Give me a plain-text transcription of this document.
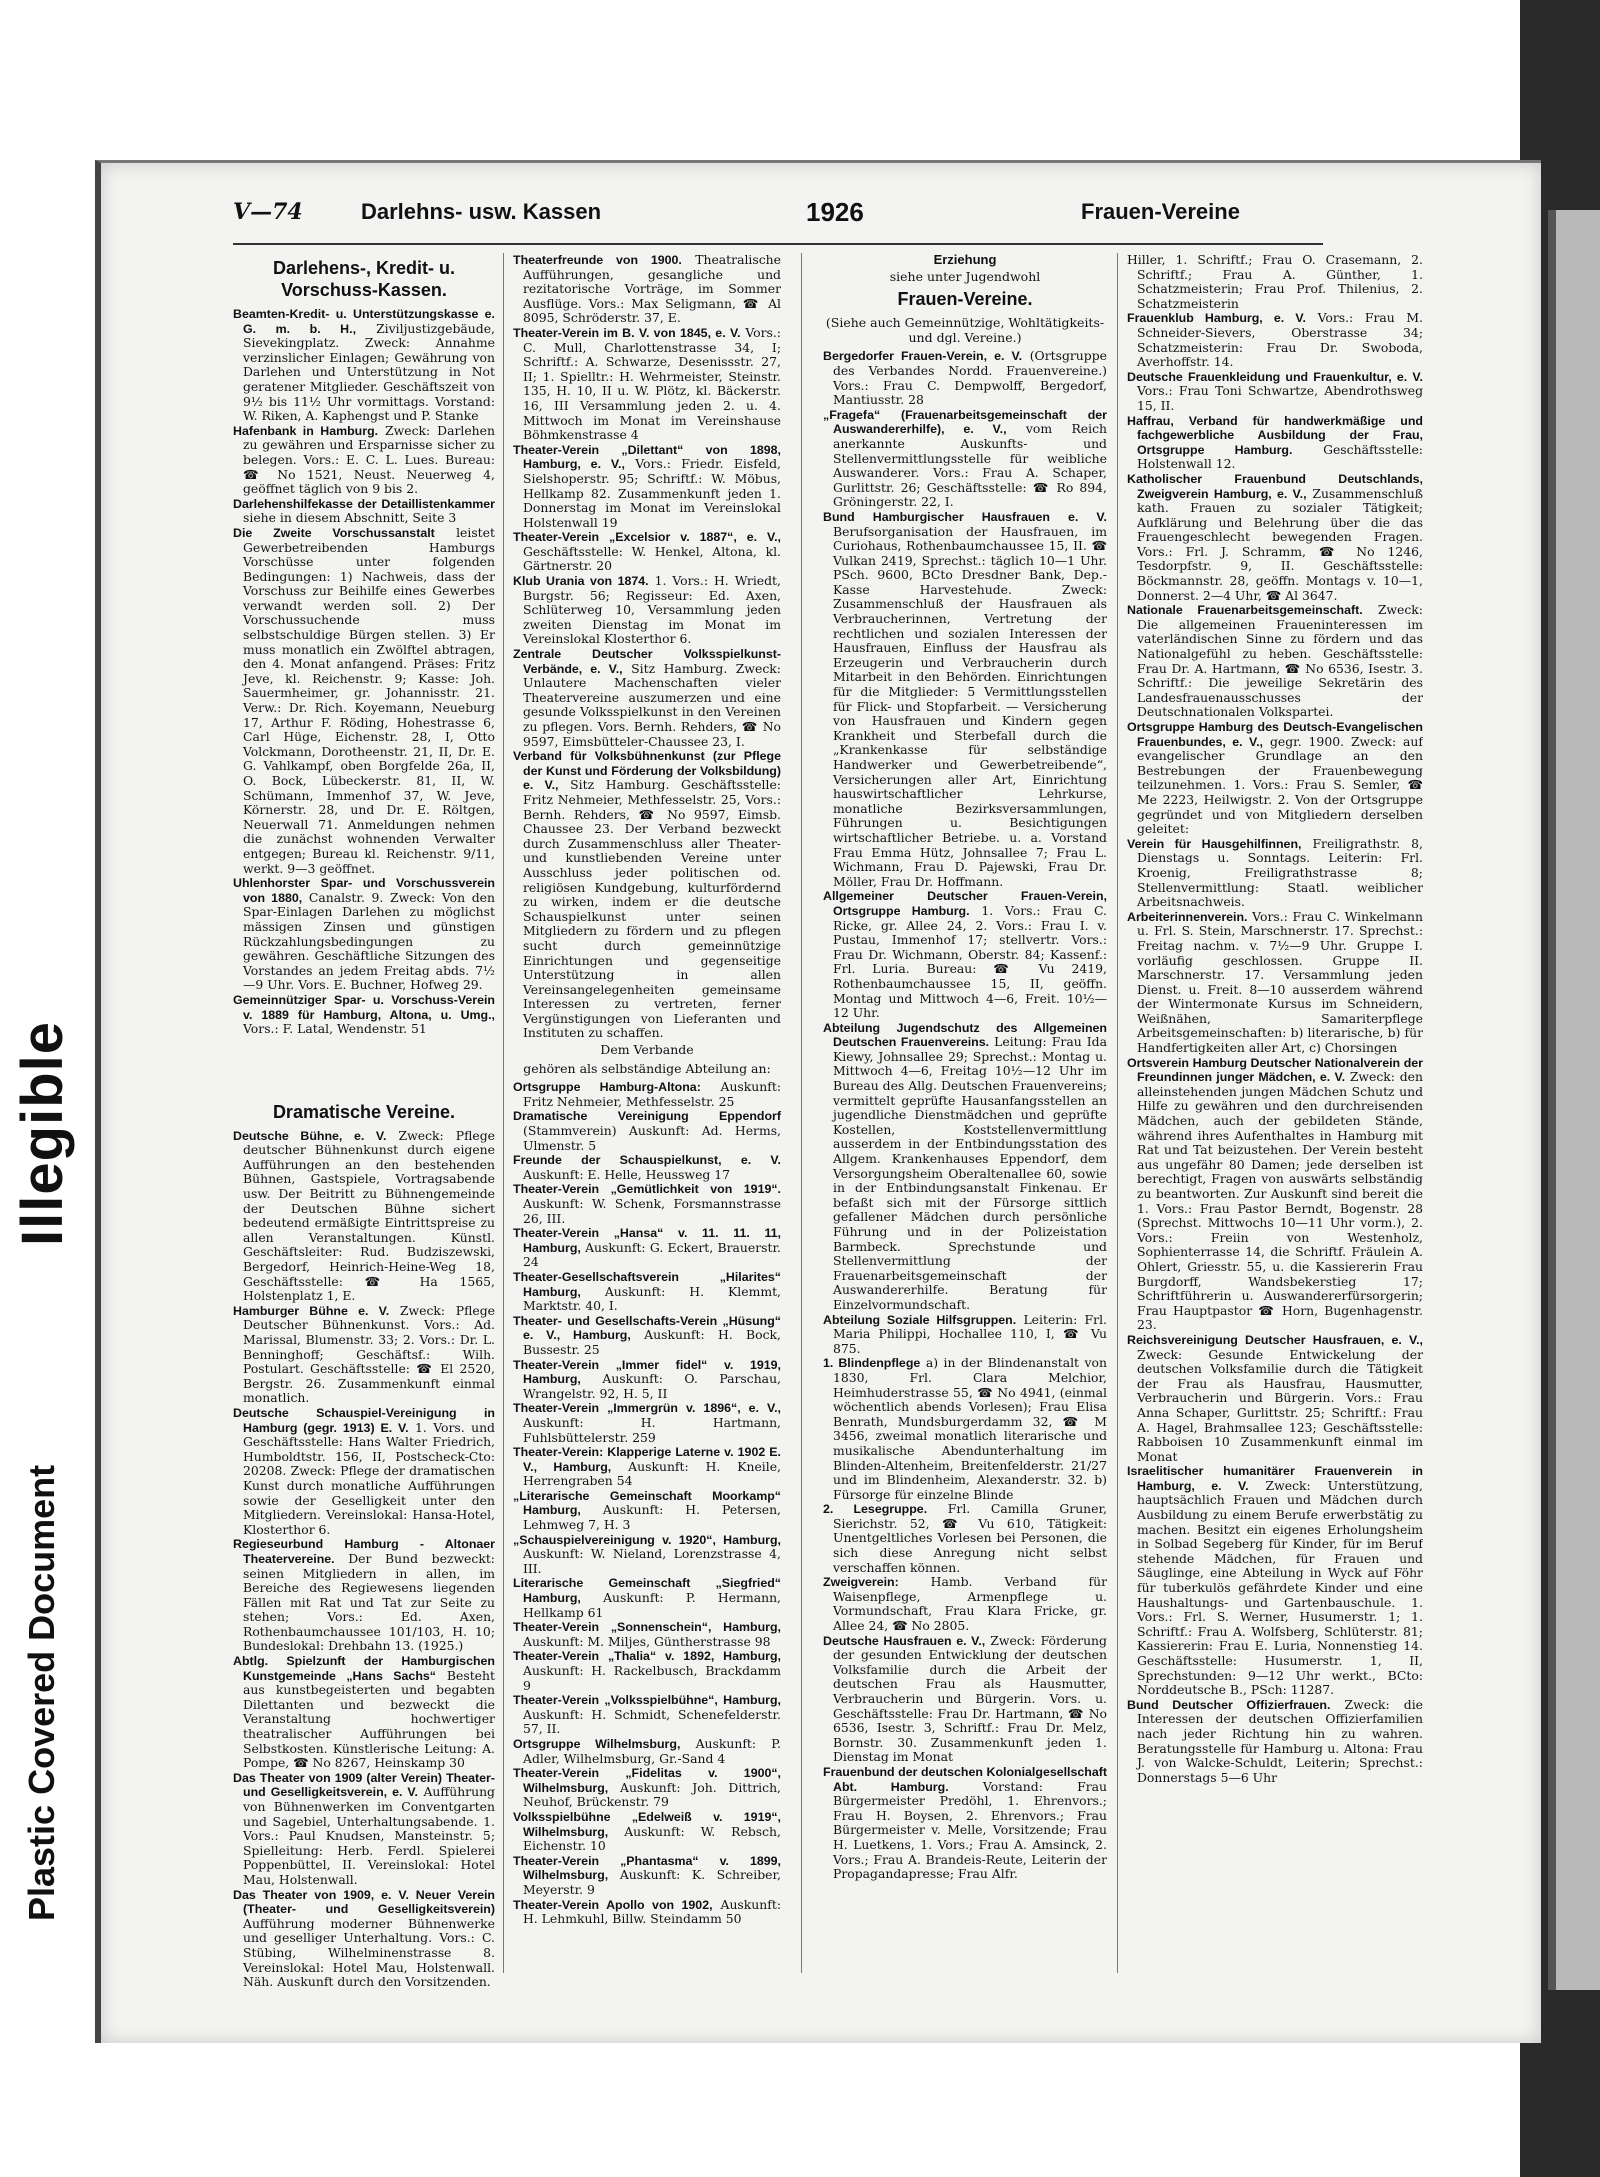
Plastic Covered Document
Illegible
V—74	Darlehns- usw. Kassen	1926	Frauen-Vereine
Darlehens-, Kredit- u. Vorschuss-Kassen.
Beamten-Kredit- u. Unterstützungskasse e. G. m. b. H., Ziviljustizgebäude, Sievekingplatz. Zweck: Annahme verzinslicher Einlagen; Gewährung von Darlehen und Unterstützung in Not geratener Mitglieder. Geschäftszeit von 9½ bis 11½ Uhr vormittags. Vorstand: W. Riken, A. Kaphengst und P. Stanke
Hafenbank in Hamburg. Zweck: Darlehen zu gewähren und Ersparnisse sicher zu belegen. Vors.: E. C. L. Lues. Bureau: ☎ No 1521, Neust. Neuerweg 4, geöffnet täglich von 9 bis 2.
Darlehenshilfekasse der Detaillistenkammer siehe in diesem Abschnitt, Seite 3
Die Zweite Vorschussanstalt leistet Gewerbetreibenden Hamburgs Vorschüsse unter folgenden Bedingungen: 1) Nachweis, dass der Vorschuss zur Beihilfe eines Gewerbes verwandt werden soll. 2) Der Vorschussuchende muss selbstschuldige Bürgen stellen. 3) Er muss monatlich ein Zwölftel abtragen, den 4. Monat anfangend. Präses: Fritz Jeve, kl. Reichenstr. 9; Kasse: Joh. Sauermheimer, gr. Johannisstr. 21. Verw.: Dr. Rich. Koyemann, Neueburg 17, Arthur F. Röding, Hohestrasse 6, Carl Hüge, Eichenstr. 28, I, Otto Volckmann, Dorotheenstr. 21, II, Dr. E. G. Vahlkampf, oben Borgfelde 26a, II, O. Bock, Lübeckerstr. 81, II, W. Schümann, Immenhof 37, W. Jeve, Körnerstr. 28, und Dr. E. Röltgen, Neuerwall 71. Anmeldungen nehmen die zunächst wohnenden Verwalter entgegen; Bureau kl. Reichenstr. 9/11, werkt. 9—3 geöffnet.
Uhlenhorster Spar- und Vorschussverein von 1880, Canalstr. 9. Zweck: Von den Spar-Einlagen Darlehen zu möglichst mässigen Zinsen und günstigen Rückzahlungsbedingungen zu gewähren. Geschäftliche Sitzungen des Vorstandes an jedem Freitag abds. 7½—9 Uhr. Vors. E. Buchner, Hofweg 29.
Gemeinnütziger Spar- u. Vorschuss-Verein v. 1889 für Hamburg, Altona, u. Umg., Vors.: F. Latal, Wendenstr. 51
Dramatische Vereine.
Deutsche Bühne, e. V. Zweck: Pflege deutscher Bühnenkunst durch eigene Aufführungen an den bestehenden Bühnen, Gastspiele, Vortragsabende usw. Der Beitritt zu Bühnengemeinde der Deutschen Bühne sichert bedeutend ermäßigte Eintrittspreise zu allen Veranstaltungen. Künstl. Geschäftsleiter: Rud. Budziszewski, Bergedorf, Heinrich-Heine-Weg 18, Geschäftsstelle: ☎ Ha 1565, Holstenplatz 1, E.
Hamburger Bühne e. V. Zweck: Pflege Deutscher Bühnenkunst. Vors.: Ad. Marissal, Blumenstr. 33; 2. Vors.: Dr. L. Benninghoff; Geschäftsf.: Wilh. Postulart. Geschäftsstelle: ☎ El 2520, Bergstr. 26. Zusammenkunft einmal monatlich.
Deutsche Schauspiel-Vereinigung in Hamburg (gegr. 1913) E. V. 1. Vors. und Geschäftsstelle: Hans Walter Friedrich, Humboldtstr. 156, II, Postscheck-Cto: 20208. Zweck: Pflege der dramatischen Kunst durch monatliche Aufführungen sowie der Geselligkeit unter den Mitgliedern. Vereinslokal: Hansa-Hotel, Klosterthor 6.
Regieseurbund Hamburg - Altonaer Theatervereine. Der Bund bezweckt: seinen Mitgliedern in allen, im Bereiche des Regiewesens liegenden Fällen mit Rat und Tat zur Seite zu stehen; Vors.: Ed. Axen, Rothenbaumchaussee 101/103, H. 10; Bundeslokal: Drehbahn 13. (1925.)
Abtlg. Spielzunft der Hamburgischen Kunstgemeinde „Hans Sachs“ Besteht aus kunstbegeisterten und begabten Dilettanten und bezweckt die Veranstaltung hochwertiger theatralischer Aufführungen bei Selbstkosten. Künstlerische Leitung: A. Pompe, ☎ No 8267, Heinskamp 30
Das Theater von 1909 (alter Verein) Theater- und Geselligkeitsverein, e. V. Aufführung von Bühnenwerken im Conventgarten und Sagebiel, Unterhaltungsabende. 1. Vors.: Paul Knudsen, Mansteinstr. 5; Spielleitung: Herb. Ferdl. Spielerei Poppenbüttel, II. Vereinslokal: Hotel Mau, Holstenwall.
Das Theater von 1909, e. V. Neuer Verein (Theater- und Geselligkeitsverein) Aufführung moderner Bühnenwerke und geselliger Unterhaltung. Vors.: C. Stübing, Wilhelminenstrasse 8. Vereinslokal: Hotel Mau, Holstenwall. Näh. Auskunft durch den Vorsitzenden.
Theaterfreunde von 1900. Theatralische Aufführungen, gesangliche und rezitatorische Vorträge, im Sommer Ausflüge. Vors.: Max Seligmann, ☎ Al 8095, Schröderstr. 37, E.
Theater-Verein im B. V. von 1845, e. V. Vors.: C. Mull, Charlottenstrasse 34, I; Schriftf.: A. Schwarze, Desenissstr. 27, II; 1. Spielltr.: H. Wehrmeister, Steinstr. 135, H. 10, II u. W. Plötz, kl. Bäckerstr. 16, III Versammlung jeden 2. u. 4. Mittwoch im Monat im Vereinshause Böhmkenstrasse 4
Theater-Verein „Dilettant“ von 1898, Hamburg, e. V., Vors.: Friedr. Eisfeld, Sielshoperstr. 95; Schriftf.: W. Möbus, Hellkamp 82. Zusammenkunft jeden 1. Donnerstag im Monat im Vereinslokal Holstenwall 19
Theater-Verein „Excelsior v. 1887“, e. V., Geschäftsstelle: W. Henkel, Altona, kl. Gärtnerstr. 20
Klub Urania von 1874. 1. Vors.: H. Wriedt, Burgstr. 56; Regisseur: Ed. Axen, Schlüterweg 10, Versammlung jeden zweiten Dienstag im Monat im Vereinslokal Klosterthor 6.
Zentrale Deutscher Volksspielkunst-Verbände, e. V., Sitz Hamburg. Zweck: Unlautere Machenschaften vieler Theatervereine auszumerzen und eine gesunde Volksspielkunst in den Vereinen zu pflegen. Vors. Bernh. Rehders, ☎ No 9597, Eimsbütteler-Chaussee 23, I.
Verband für Volksbühnenkunst (zur Pflege der Kunst und Förderung der Volksbildung) e. V., Sitz Hamburg. Geschäftsstelle: Fritz Nehmeier, Methfesselstr. 25, Vors.: Bernh. Rehders, ☎ No 9597, Eimsb. Chaussee 23. Der Verband bezweckt durch Zusammenschluss aller Theater- und kunstliebenden Vereine unter Ausschluss jeder politischen od. religiösen Kundgebung, kulturfördernd zu wirken, indem er die deutsche Schauspielkunst unter seinen Mitgliedern zu fördern und zu pflegen sucht durch gemeinnützige Einrichtungen und gegenseitige Unterstützung in allen Vereinsangelegenheiten gemeinsame Interessen zu vertreten, ferner Vergünstigungen von Lieferanten und Instituten zu schaffen.
Dem Verbande
gehören als selbständige Abteilung an:
Ortsgruppe Hamburg-Altona: Auskunft: Fritz Nehmeier, Methfesselstr. 25
Dramatische Vereinigung Eppendorf (Stammverein) Auskunft: Ad. Herms, Ulmenstr. 5
Freunde der Schauspielkunst, e. V. Auskunft: E. Helle, Heussweg 17
Theater-Verein „Gemütlichkeit von 1919“. Auskunft: W. Schenk, Forsmannstrasse 26, III.
Theater-Verein „Hansa“ v. 11. 11. 11, Hamburg, Auskunft: G. Eckert, Brauerstr. 24
Theater-Gesellschaftsverein „Hilarites“ Hamburg, Auskunft: H. Klemmt, Marktstr. 40, I.
Theater- und Gesellschafts-Verein „Hüsung“ e. V., Hamburg, Auskunft: H. Bock, Bussestr. 25
Theater-Verein „Immer fidel“ v. 1919, Hamburg, Auskunft: O. Parschau, Wrangelstr. 92, H. 5, II
Theater-Verein „Immergrün v. 1896“, e. V., Auskunft: H. Hartmann, Fuhlsbüttelerstr. 259
Theater-Verein: Klapperige Laterne v. 1902 E. V., Hamburg, Auskunft: H. Kneile, Herrengraben 54
„Literarische Gemeinschaft Moorkamp“ Hamburg, Auskunft: H. Petersen, Lehmweg 7, H. 3
„Schauspielvereinigung v. 1920“, Hamburg, Auskunft: W. Nieland, Lorenzstrasse 4, III.
Literarische Gemeinschaft „Siegfried“ Hamburg, Auskunft: P. Hermann, Hellkamp 61
Theater-Verein „Sonnenschein“, Hamburg, Auskunft: M. Miljes, Güntherstrasse 98
Theater-Verein „Thalia“ v. 1892, Hamburg, Auskunft: H. Rackelbusch, Brackdamm 9
Theater-Verein „Volksspielbühne“, Hamburg, Auskunft: H. Schmidt, Schenefelderstr. 57, II.
Ortsgruppe Wilhelmsburg, Auskunft: P. Adler, Wilhelmsburg, Gr.-Sand 4
Theater-Verein „Fidelitas v. 1900“, Wilhelmsburg, Auskunft: Joh. Dittrich, Neuhof, Brückenstr. 79
Volksspielbühne „Edelweiß v. 1919“, Wilhelmsburg, Auskunft: W. Rebsch, Eichenstr. 10
Theater-Verein „Phantasma“ v. 1899, Wilhelmsburg, Auskunft: K. Schreiber, Meyerstr. 9
Theater-Verein Apollo von 1902, Auskunft: H. Lehmkuhl, Billw. Steindamm 50
Erziehung
siehe unter Jugendwohl
Frauen-Vereine.
(Siehe auch Gemeinnützige, Wohltätigkeits- und dgl. Vereine.)
Bergedorfer Frauen-Verein, e. V. (Ortsgruppe des Verbandes Nordd. Frauenvereine.) Vors.: Frau C. Dempwolff, Bergedorf, Mantiusstr. 28
„Fragefa“ (Frauenarbeitsgemeinschaft der Auswandererhilfe), e. V., vom Reich anerkannte Auskunfts- und Stellenvermittlungsstelle für weibliche Auswanderer. Vors.: Frau A. Schaper, Gurlittstr. 26; Geschäftsstelle: ☎ Ro 894, Gröningerstr. 22, I.
Bund Hamburgischer Hausfrauen e. V. Berufsorganisation der Hausfrauen, im Curiohaus, Rothenbaumchaussee 15, II. ☎ Vulkan 2419, Sprechst.: täglich 10—1 Uhr. PSch. 9600, BCto Dresdner Bank, Dep.-Kasse Harvestehude. Zweck: Zusammenschluß der Hausfrauen als Verbraucherinnen, Vertretung der rechtlichen und sozialen Interessen der Hausfrauen, Einfluss der Hausfrau als Erzeugerin und Verbraucherin durch Mitarbeit in den Behörden. Einrichtungen für die Mitglieder: 5 Vermittlungsstellen für Flick- und Stopfarbeit. — Versicherung von Hausfrauen und Kindern gegen Krankheit und Sterbefall durch die „Krankenkasse für selbständige Handwerker und Gewerbetreibende“, Versicherungen aller Art, Einrichtung hauswirtschaftlicher Lehrkurse, monatliche Bezirksversammlungen, Führungen u. Besichtigungen wirtschaftlicher Betriebe. u. a. Vorstand Frau Emma Hütz, Johnsallee 7; Frau L. Wichmann, Frau D. Pajewski, Frau Dr. Möller, Frau Dr. Hoffmann.
Allgemeiner Deutscher Frauen-Verein, Ortsgruppe Hamburg. 1. Vors.: Frau C. Ricke, gr. Allee 24, 2. Vors.: Frau I. v. Pustau, Immenhof 17; stellvertr. Vors.: Frau Dr. Wichmann, Oberstr. 84; Kassenf.: Frl. Luria. Bureau: ☎ Vu 2419, Rothenbaumchaussee 15, II, geöffn. Montag und Mittwoch 4—6, Freit. 10½—12 Uhr.
Abteilung Jugendschutz des Allgemeinen Deutschen Frauenvereins. Leitung: Frau Ida Kiewy, Johnsallee 29; Sprechst.: Montag u. Mittwoch 4—6, Freitag 10½—12 Uhr im Bureau des Allg. Deutschen Frauenvereins; vermittelt geprüfte Hausanfangsstellen an jugendliche Dienstmädchen und geprüfte Kostellen, Koststellenvermittlung ausserdem in der Entbindungsstation des Allgem. Krankenhauses Eppendorf, dem Versorgungsheim Oberaltenallee 60, sowie in der Entbindungsanstalt Finkenau. Er befaßt sich mit der Fürsorge sittlich gefallener Mädchen durch persönliche Führung und in der Polizeistation Barmbeck. Sprechstunde und Stellenvermittlung der Frauenarbeitsgemeinschaft der Auswandererhilfe. Beratung für Einzelvormundschaft.
Abteilung Soziale Hilfsgruppen. Leiterin: Frl. Maria Philippi, Hochallee 110, I, ☎ Vu 875.
1. Blindenpflege a) in der Blindenanstalt von 1830, Frl. Clara Melchior, Heimhuderstrasse 55, ☎ No 4941, (einmal wöchentlich abends Vorlesen); Frau Elisa Benrath, Mundsburgerdamm 32, ☎ M 3456, zweimal monatlich literarische und musikalische Abendunterhaltung im Blinden-Altenheim, Breitenfelderstr. 21/27 und im Blindenheim, Alexanderstr. 32. b) Fürsorge für einzelne Blinde
2. Lesegruppe. Frl. Camilla Gruner, Sierichstr. 52, ☎ Vu 610, Tätigkeit: Unentgeltliches Vorlesen bei Personen, die sich diese Anregung nicht selbst verschaffen können.
Zweigverein:	Hamb. Verband für Waisenpflege, Armenpflege u. Vormundschaft, Frau Klara Fricke, gr. Allee 24, ☎ No 2805.
Deutsche Hausfrauen e. V., Zweck: Förderung der gesunden Entwicklung der deutschen Volksfamilie durch die Arbeit der deutschen Frau als Hausmutter, Verbraucherin und Bürgerin. Vors. u. Geschäftsstelle: Frau Dr. Hartmann, ☎ No 6536, Isestr. 3, Schriftf.: Frau Dr. Melz, Bornstr. 30. Zusammenkunft jeden 1. Dienstag im Monat
Frauenbund der deutschen Kolonialgesellschaft Abt. Hamburg.	Vorstand: Frau Bürgermeister Predöhl, 1. Ehrenvors.; Frau H. Boysen, 2. Ehrenvors.; Frau Bürgermeister v. Melle, Vorsitzende; Frau H. Luetkens, 1. Vors.; Frau A. Amsinck, 2. Vors.; Frau A. Brandeis-Reute, Leiterin der Propagandapresse; Frau Alfr.
Hiller, 1. Schriftf.; Frau O. Crasemann, 2. Schriftf.; Frau A. Günther, 1. Schatzmeisterin; Frau Prof. Thilenius, 2. Schatzmeisterin
Frauenklub Hamburg, e. V. Vors.: Frau M. Schneider-Sievers, Oberstrasse 34; Schatzmeisterin: Frau Dr. Swoboda, Averhoffstr. 14.
Deutsche Frauenkleidung und Frauenkultur, e. V. Vors.: Frau Toni Schwartze, Abendrothsweg 15, II.
Haffrau, Verband für handwerkmäßige und fachgewerbliche Ausbildung der Frau, Ortsgruppe Hamburg. Geschäftsstelle: Holstenwall 12.
Katholischer Frauenbund Deutschlands, Zweigverein Hamburg, e. V., Zusammenschluß kath. Frauen zu sozialer Tätigkeit; Aufklärung und Belehrung über die das Frauengeschlecht bewegenden Fragen. Vors.: Frl. J. Schramm, ☎ No 1246, Tesdorpfstr. 9, II. Geschäftsstelle: Böckmannstr. 28, geöffn. Montags v. 10—1, Donnerst. 2—4 Uhr, ☎ Al 3647.
Nationale Frauenarbeitsgemeinschaft. Zweck: Die allgemeinen Fraueninteressen im vaterländischen Sinne zu fördern und das Nationalgefühl zu heben. Geschäftsstelle: Frau Dr. A. Hartmann, ☎ No 6536, Isestr. 3. Schriftf.: Die jeweilige Sekretärin des Landesfrauenausschusses der Deutschnationalen Volkspartei.
Ortsgruppe Hamburg des Deutsch-Evangelischen Frauenbundes, e. V., gegr. 1900. Zweck: auf evangelischer Grundlage an den Bestrebungen der Frauenbewegung teilzunehmen. 1. Vors.: Frau S. Semler, ☎ Me 2223, Heilwigstr. 2. Von der Ortsgruppe gegründet und von Mitgliedern derselben geleitet:
Verein für Hausgehilfinnen, Freiligrathstr. 8, Dienstags u. Sonntags. Leiterin: Frl. Kroenig, Freiligrathstrasse 8; Stellenvermittlung: Staatl. weiblicher Arbeitsnachweis.
Arbeiterinnenverein. Vors.: Frau C. Winkelmann u. Frl. S. Stein, Marschnerstr. 17. Sprechst.: Freitag nachm. v. 7½—9 Uhr. Gruppe I. vorläufig geschlossen. Gruppe II. Marschnerstr. 17. Versammlung jeden Dienst. u. Freit. 8—10 ausserdem während der Wintermonate Kursus im Schneidern, Weißnähen, Samariterpflege Arbeitsgemeinschaften: b) literarische, b) für Handfertigkeiten aller Art, c) Chorsingen
Ortsverein Hamburg Deutscher Nationalverein der Freundinnen junger Mädchen, e. V. Zweck: den alleinstehenden jungen Mädchen Schutz und Hilfe zu gewähren und den durchreisenden Mädchen, auch der gebildeten Stände, während ihres Aufenthaltes in Hamburg mit Rat und Tat beizustehen. Der Verein besteht aus ungefähr 80 Damen; jede derselben ist berechtigt, Fragen von auswärts selbständig zu beantworten. Zur Auskunft sind bereit die 1. Vors.: Frau Pastor Berndt, Bogenstr. 28 (Sprechst. Mittwochs 10—11 Uhr vorm.), 2. Vors.: Freiin von Westenholz, Sophienterrasse 14, die Schriftf. Fräulein A. Ohlert, Griesstr. 55, u. die Kassiererin Frau Burgdorff, Wandsbekerstieg 17; Schriftführerin u. Auswandererfürsorgerin; Frau Hauptpastor ☎ Horn, Bugenhagenstr. 23.
Reichsvereinigung Deutscher Hausfrauen, e. V., Zweck: Gesunde Entwickelung der deutschen Volksfamilie durch die Tätigkeit der Frau als Hausfrau, Hausmutter, Verbraucherin und Bürgerin. Vors.: Frau Anna Schaper, Gurlittstr. 25; Schriftf.: Frau A. Hagel, Brahmsallee 123; Geschäftsstelle: Rabboisen 10 Zusammenkunft einmal im Monat
Israelitischer humanitärer Frauenverein in Hamburg, e. V. Zweck: Unterstützung, hauptsächlich Frauen und Mädchen durch Ausbildung zu einem Berufe erwerbstätig zu machen. Besitzt ein eigenes Erholungsheim in Solbad Segeberg für Kinder, für im Beruf stehende Mädchen, für Frauen und Säuglinge, eine Abteilung in Wyck auf Föhr für tuberkulös gefährdete Kinder und eine Haushaltungs- und Gartenbauschule. 1. Vors.: Frl. S. Werner, Husumerstr. 1; 1. Schriftf.: Frau A. Wolfsberg, Schlüterstr. 81; Kassiererin: Frau E. Luria, Nonnenstieg 14. Geschäftsstelle: Husumerstr. 1, II, Sprechstunden: 9—12 Uhr werkt., BCto: Norddeutsche B., PSch: 11287.
Bund Deutscher Offizierfrauen. Zweck: die Interessen der deutschen Offizierfamilien nach jeder Richtung hin zu wahren. Beratungsstelle für Hamburg u. Altona: Frau J. von Walcke-Schuldt, Leiterin; Sprechst.: Donnerstags 5—6 Uhr
